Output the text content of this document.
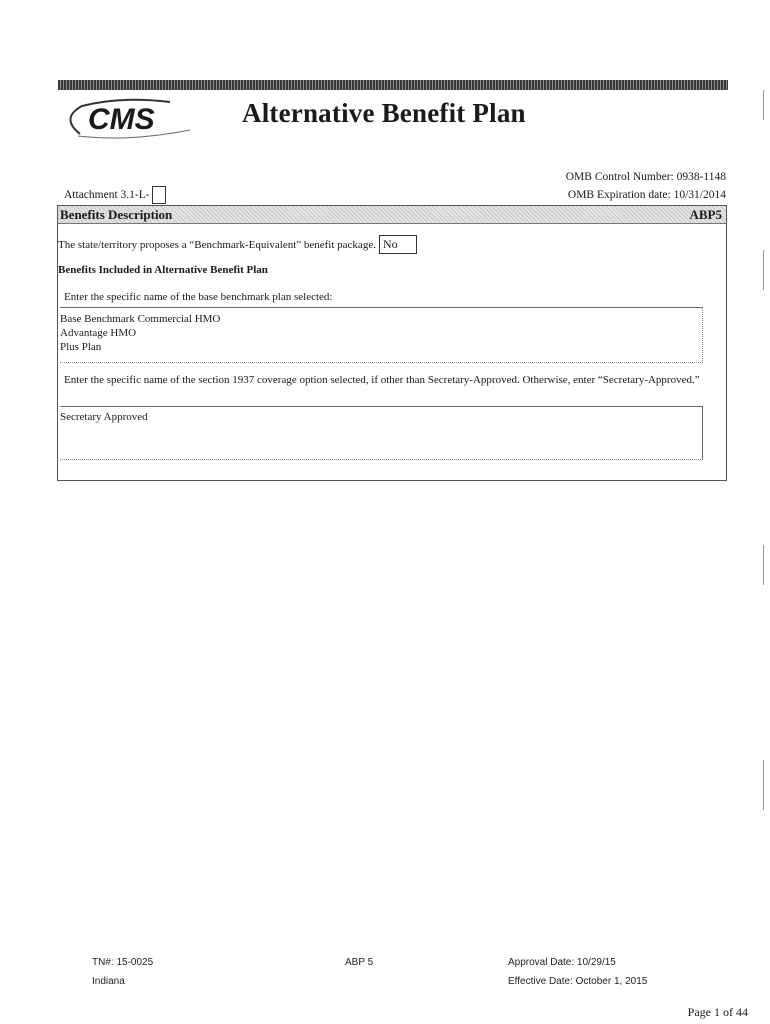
CMS	Alternative Benefit Plan
OMB Control Number: 0938-1148
OMB Expiration date: 10/31/2014
Attachment 3.1-L-
Benefits Description	ABP5
The state/territory proposes a “Benchmark-Equivalent” benefit package. No
Benefits Included in Alternative Benefit Plan
Enter the specific name of the base benchmark plan selected:
Base Benchmark Commercial HMO
Advantage HMO
Plus Plan
Enter the specific name of the section 1937 coverage option selected, if other than Secretary-Approved. Otherwise, enter “Secretary-Approved.”
Secretary Approved
TN#: 15-0025
Indiana
ABP 5	Approval Date: 10/29/15
Effective Date: October 1, 2015
Page 1 of 44
